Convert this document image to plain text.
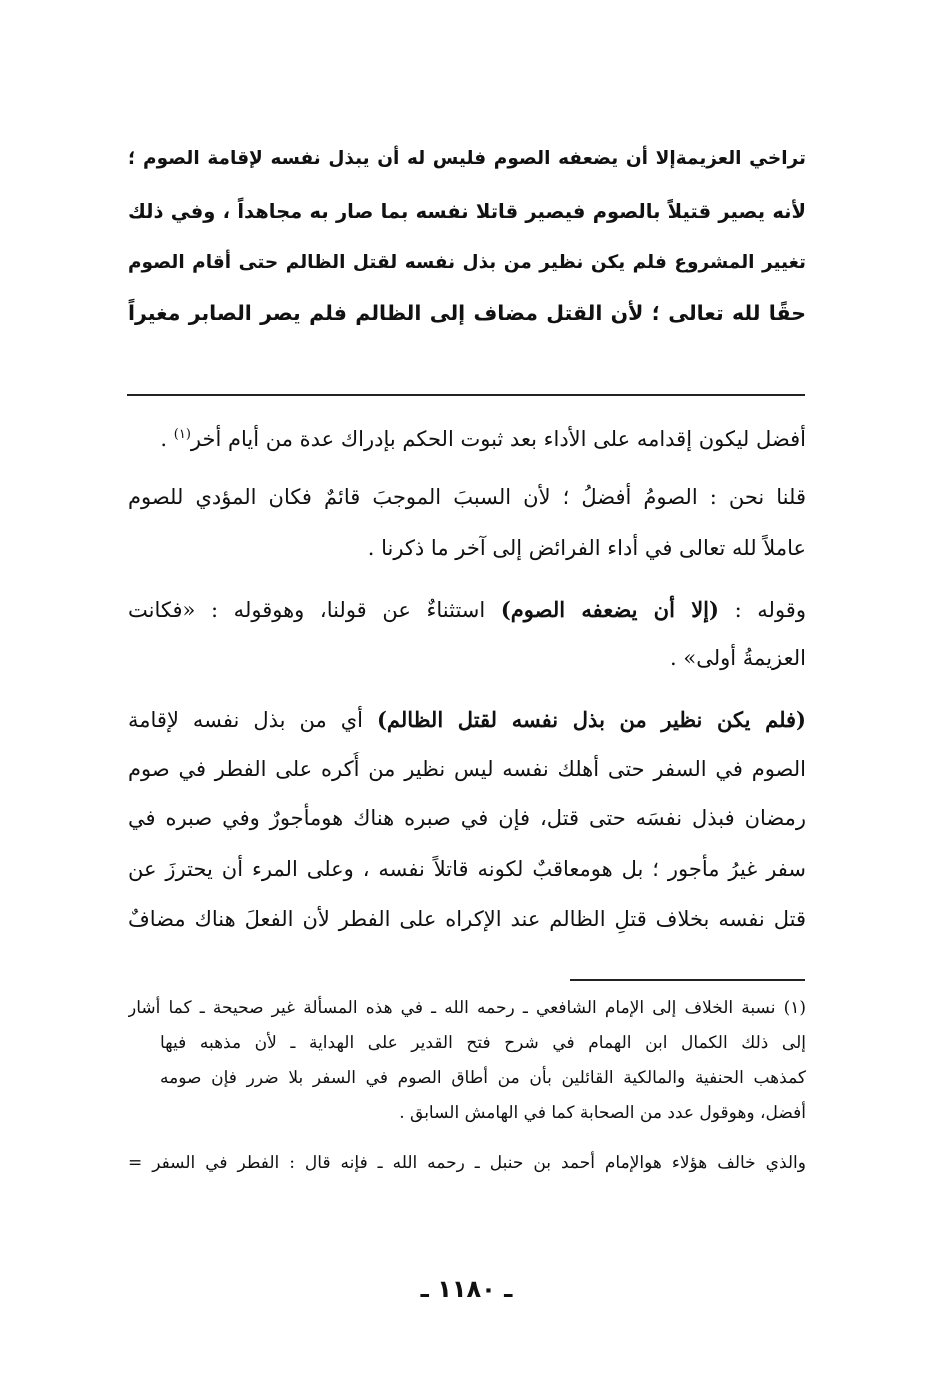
تراخي العزيمةإلا أن يضعفه الصوم فليس له أن يبذل نفسه لإقامة الصوم ؛
لأنه يصير قتيلاً بالصوم فيصير قاتلا نفسه بما صار به مجاهداً ، وفي ذلك
تغيير المشروع فلم يكن نظير من بذل نفسه لقتل الظالم حتى أقام الصوم
حقًا لله تعالى ؛ لأن القتل مضاف إلى الظالم فلم يصر الصابر مغيراً
أفضل ليكون إقدامه على الأداء بعد ثبوت الحكم بإدراك عدة من أيام أخر$^{(١)}$ .
قلنا نحن : الصومُ أفضلُ ؛ لأن السببَ الموجبَ قائمٌ فكان المؤدي للصوم
عاملاً لله تعالى في أداء الفرائض إلى آخر ما ذكرنا .
وقوله : (إلا أن يضعفه الصوم) استثناءٌ عن قولنا، وهوقوله : «فكانت
العزيمةُ أولى» .
(فلم يكن نظير من بذل نفسه لقتل الظالم) أي من بذل نفسه لإقامة
الصوم في السفر حتى أهلك نفسه ليس نظير من أُكره على الفطر في صوم
رمضان فبذل نفسَه حتى قتل، فإن في صبره هناك هومأجورٌ وفي صبره في
سفر غيرُ مأجور ؛ بل هومعاقبٌ لكونه قاتلاً نفسه ، وعلى المرء أن يحترزَ عن
قتل نفسه بخلاف قتلِ الظالم عند الإكراه على الفطر لأن الفعلَ هناك مضافٌ
(١) نسبة الخلاف إلى الإمام الشافعي ـ رحمه الله ـ في هذه المسألة غير صحيحة ـ كما أشار
إلى ذلك الكمال ابن الهمام في شرح فتح القدير على الهداية ـ لأن مذهبه فيها
كمذهب الحنفية والمالكية القائلين بأن من أطاق الصوم في السفر بلا ضرر فإن صومه
أفضل، وهوقول عدد من الصحابة كما في الهامش السابق .
والذي خالف هؤلاء هوالإمام أحمد بن حنبل ـ رحمه الله ـ فإنه قال : الفطر في السفر =
ـ ١١٨٠ ـ
